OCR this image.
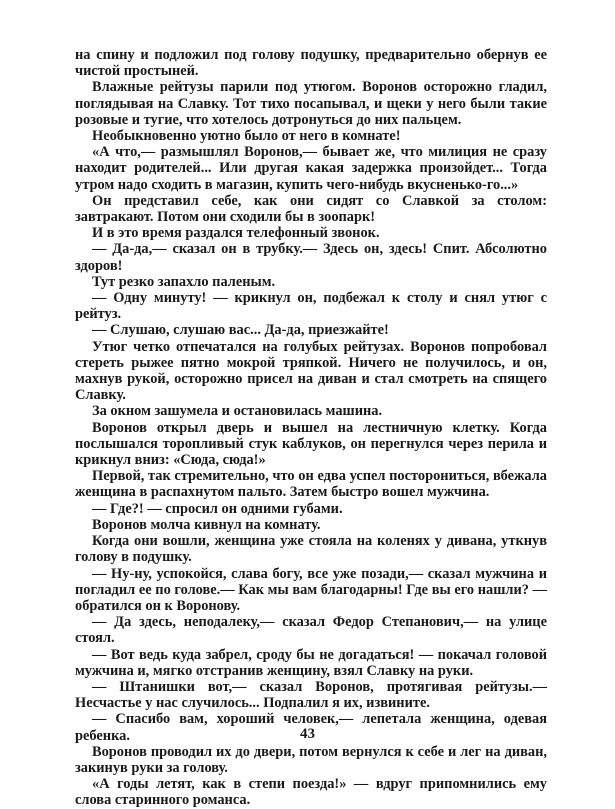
на спину и подложил под голову подушку, предварительно обернув ее чистой простыней.

Влажные рейтузы парили под утюгом. Воронов осторожно гладил, поглядывая на Славку. Тот тихо посапывал, и щеки у него были такие розовые и тугие, что хотелось дотронуться до них пальцем.

Необыкновенно уютно было от него в комнате!

«А что,— размышлял Воронов,— бывает же, что милиция не сразу находит родителей... Или другая какая задержка произойдет... Тогда утром надо сходить в магазин, купить чего-нибудь вкусненько-го...»

Он представил себе, как они сидят со Славкой за столом: завтракают. Потом они сходили бы в зоопарк!

И в это время раздался телефонный звонок.

— Да-да,— сказал он в трубку.— Здесь он, здесь! Спит. Абсолютно здоров!

Тут резко запахло паленым.

— Одну минуту! — крикнул он, подбежал к столу и снял утюг с рейтуз.

— Слушаю, слушаю вас... Да-да, приезжайте!

Утюг четко отпечатался на голубых рейтузах. Воронов попробовал стереть рыжее пятно мокрой тряпкой. Ничего не получилось, и он, махнув рукой, осторожно присел на диван и стал смотреть на спящего Славку.

За окном зашумела и остановилась машина.

Воронов открыл дверь и вышел на лестничную клетку. Когда послышался торопливый стук каблуков, он перегнулся через перила и крикнул вниз: «Сюда, сюда!»

Первой, так стремительно, что он едва успел посторониться, вбежала женщина в распахнутом пальто. Затем быстро вошел мужчина.

— Где?! — спросил он одними губами.

Воронов молча кивнул на комнату.

Когда они вошли, женщина уже стояла на коленях у дивана, уткнув голову в подушку.

— Ну-ну, успокойся, слава богу, все уже позади,— сказал мужчина и погладил ее по голове.— Как мы вам благодарны! Где вы его нашли? — обратился он к Воронову.

— Да здесь, неподалеку,— сказал Федор Степанович,— на улице стоял.

— Вот ведь куда забрел, сроду бы не догадаться! — покачал головой мужчина и, мягко отстранив женщину, взял Славку на руки.

— Штанишки вот,— сказал Воронов, протягивая рейтузы.— Несчастье у нас случилось... Подпалил я их, извините.

— Спасибо вам, хороший человек,— лепетала женщина, одевая ребенка.

Воронов проводил их до двери, потом вернулся к себе и лег на диван, закинув руки за голову.

«А годы летят, как в степи поезда!» — вдруг припомнились ему слова старинного романса.

43
